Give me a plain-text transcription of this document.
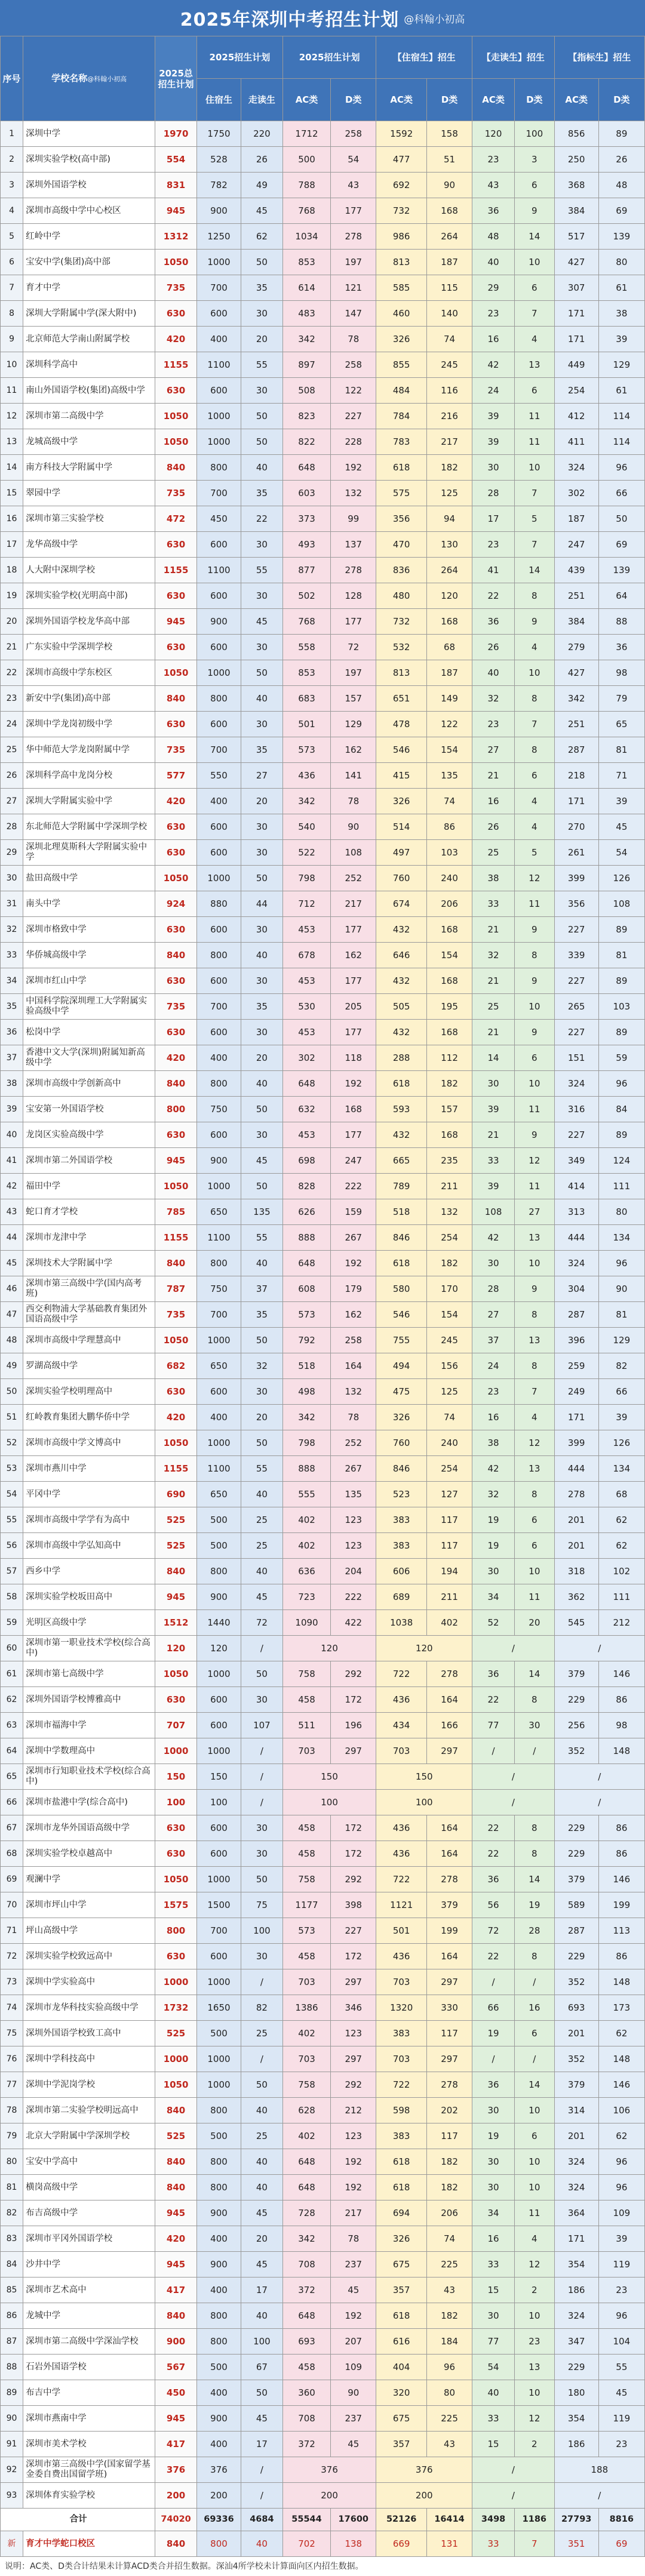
2025年深圳中考招生计划 @科翰小初高
序号	学校名称@科翰小初高	2025总招生计划	2025招生计划		2025招生计划		【住宿生】招生		【走读生】招生		【指标生】招生	
			住宿生	走读生	AC类	D类	AC类	D类	AC类	D类	AC类	D类
1	深圳中学	1970	1750	220	1712	258	1592	158	120	100	856	89
2	深圳实验学校(高中部)	554	528	26	500	54	477	51	23	3	250	26
3	深圳外国语学校	831	782	49	788	43	692	90	43	6	368	48
4	深圳市高级中学中心校区	945	900	45	768	177	732	168	36	9	384	69
5	红岭中学	1312	1250	62	1034	278	986	264	48	14	517	139
6	宝安中学(集团)高中部	1050	1000	50	853	197	813	187	40	10	427	80
7	育才中学	735	700	35	614	121	585	115	29	6	307	61
8	深圳大学附属中学(深大附中)	630	600	30	483	147	460	140	23	7	171	38
9	北京师范大学南山附属学校	420	400	20	342	78	326	74	16	4	171	39
10	深圳科学高中	1155	1100	55	897	258	855	245	42	13	449	129
11	南山外国语学校(集团)高级中学	630	600	30	508	122	484	116	24	6	254	61
12	深圳市第二高级中学	1050	1000	50	823	227	784	216	39	11	412	114
13	龙城高级中学	1050	1000	50	822	228	783	217	39	11	411	114
14	南方科技大学附属中学	840	800	40	648	192	618	182	30	10	324	96
15	翠园中学	735	700	35	603	132	575	125	28	7	302	66
16	深圳市第三实验学校	472	450	22	373	99	356	94	17	5	187	50
17	龙华高级中学	630	600	30	493	137	470	130	23	7	247	69
18	人大附中深圳学校	1155	1100	55	877	278	836	264	41	14	439	139
19	深圳实验学校(光明高中部)	630	600	30	502	128	480	120	22	8	251	64
20	深圳外国语学校龙华高中部	945	900	45	768	177	732	168	36	9	384	88
21	广东实验中学深圳学校	630	600	30	558	72	532	68	26	4	279	36
22	深圳市高级中学东校区	1050	1000	50	853	197	813	187	40	10	427	98
23	新安中学(集团)高中部	840	800	40	683	157	651	149	32	8	342	79
24	深圳中学龙岗初级中学	630	600	30	501	129	478	122	23	7	251	65
25	华中师范大学龙岗附属中学	735	700	35	573	162	546	154	27	8	287	81
26	深圳科学高中龙岗分校	577	550	27	436	141	415	135	21	6	218	71
27	深圳大学附属实验中学	420	400	20	342	78	326	74	16	4	171	39
28	东北师范大学附属中学深圳学校	630	600	30	540	90	514	86	26	4	270	45
29	深圳北理莫斯科大学附属实验中学	630	600	30	522	108	497	103	25	5	261	54
30	盐田高级中学	1050	1000	50	798	252	760	240	38	12	399	126
31	南头中学	924	880	44	712	217	674	206	33	11	356	108
32	深圳市格致中学	630	600	30	453	177	432	168	21	9	227	89
33	华侨城高级中学	840	800	40	678	162	646	154	32	8	339	81
34	深圳市红山中学	630	600	30	453	177	432	168	21	9	227	89
35	中国科学院深圳理工大学附属实验高级中学	735	700	35	530	205	505	195	25	10	265	103
36	松岗中学	630	600	30	453	177	432	168	21	9	227	89
37	香港中文大学(深圳)附属知新高级中学	420	400	20	302	118	288	112	14	6	151	59
38	深圳市高级中学创新高中	840	800	40	648	192	618	182	30	10	324	96
39	宝安第一外国语学校	800	750	50	632	168	593	157	39	11	316	84
40	龙岗区实验高级中学	630	600	30	453	177	432	168	21	9	227	89
41	深圳市第二外国语学校	945	900	45	698	247	665	235	33	12	349	124
42	福田中学	1050	1000	50	828	222	789	211	39	11	414	111
43	蛇口育才学校	785	650	135	626	159	518	132	108	27	313	80
44	深圳市龙津中学	1155	1100	55	888	267	846	254	42	13	444	134
45	深圳技术大学附属中学	840	800	40	648	192	618	182	30	10	324	96
46	深圳市第三高级中学(国内高考班)	787	750	37	608	179	580	170	28	9	304	90
47	西交利物浦大学基础教育集团外国语高级中学	735	700	35	573	162	546	154	27	8	287	81
48	深圳市高级中学理慧高中	1050	1000	50	792	258	755	245	37	13	396	129
49	罗湖高级中学	682	650	32	518	164	494	156	24	8	259	82
50	深圳实验学校明理高中	630	600	30	498	132	475	125	23	7	249	66
51	红岭教育集团大鹏华侨中学	420	400	20	342	78	326	74	16	4	171	39
52	深圳市高级中学文博高中	1050	1000	50	798	252	760	240	38	12	399	126
53	深圳市燕川中学	1155	1100	55	888	267	846	254	42	13	444	134
54	平冈中学	690	650	40	555	135	523	127	32	8	278	68
55	深圳市高级中学学有为高中	525	500	25	402	123	383	117	19	6	201	62
56	深圳市高级中学弘知高中	525	500	25	402	123	383	117	19	6	201	62
57	西乡中学	840	800	40	636	204	606	194	30	10	318	102
58	深圳实验学校坂田高中	945	900	45	723	222	689	211	34	11	362	111
59	光明区高级中学	1512	1440	72	1090	422	1038	402	52	20	545	212
60	深圳市第一职业技术学校(综合高中)	120	120	/	120		120		/		/	
61	深圳市第七高级中学	1050	1000	50	758	292	722	278	36	14	379	146
62	深圳外国语学校博雅高中	630	600	30	458	172	436	164	22	8	229	86
63	深圳市福海中学	707	600	107	511	196	434	166	77	30	256	98
64	深圳中学数理高中	1000	1000	/	703	297	703	297	/	/	352	148
65	深圳市行知职业技术学校(综合高中)	150	150	/	150		150		/		/	
66	深圳市盐港中学(综合高中)	100	100	/	100		100		/		/	
67	深圳市龙华外国语高级中学	630	600	30	458	172	436	164	22	8	229	86
68	深圳实验学校卓越高中	630	600	30	458	172	436	164	22	8	229	86
69	观澜中学	1050	1000	50	758	292	722	278	36	14	379	146
70	深圳市坪山中学	1575	1500	75	1177	398	1121	379	56	19	589	199
71	坪山高级中学	800	700	100	573	227	501	199	72	28	287	113
72	深圳实验学校致远高中	630	600	30	458	172	436	164	22	8	229	86
73	深圳中学实验高中	1000	1000	/	703	297	703	297	/	/	352	148
74	深圳市龙华科技实验高级中学	1732	1650	82	1386	346	1320	330	66	16	693	173
75	深圳外国语学校致工高中	525	500	25	402	123	383	117	19	6	201	62
76	深圳中学科技高中	1000	1000	/	703	297	703	297	/	/	352	148
77	深圳中学泥岗学校	1050	1000	50	758	292	722	278	36	14	379	146
78	深圳市第二实验学校明远高中	840	800	40	628	212	598	202	30	10	314	106
79	北京大学附属中学深圳学校	525	500	25	402	123	383	117	19	6	201	62
80	宝安中学高中	840	800	40	648	192	618	182	30	10	324	96
81	横岗高级中学	840	800	40	648	192	618	182	30	10	324	96
82	布吉高级中学	945	900	45	728	217	694	206	34	11	364	109
83	深圳市平冈外国语学校	420	400	20	342	78	326	74	16	4	171	39
84	沙井中学	945	900	45	708	237	675	225	33	12	354	119
85	深圳市艺术高中	417	400	17	372	45	357	43	15	2	186	23
86	龙城中学	840	800	40	648	192	618	182	30	10	324	96
87	深圳市第二高级中学深汕学校	900	800	100	693	207	616	184	77	23	347	104
88	石岩外国语学校	567	500	67	458	109	404	96	54	13	229	55
89	布吉中学	450	400	50	360	90	320	80	40	10	180	45
90	深圳市燕南中学	945	900	45	708	237	675	225	33	12	354	119
91	深圳市美术学校	417	400	17	372	45	357	43	15	2	186	23
92	深圳市第三高级中学(国家留学基金委自费出国留学班)	376	376	/	376		376		/		188	
93	深圳体育实验学校	200	200	/	200		200		/		/	
合计		74020	69336	4684	55544	17600	52126	16414	3498	1186	27793	8816
新	育才中学蛇口校区	840	800	40	702	138	669	131	33	7	351	69
说明：AC类、D类合计结果未计算ACD类合并招生数据。深汕4所学校未计算面向区内招生数据。
